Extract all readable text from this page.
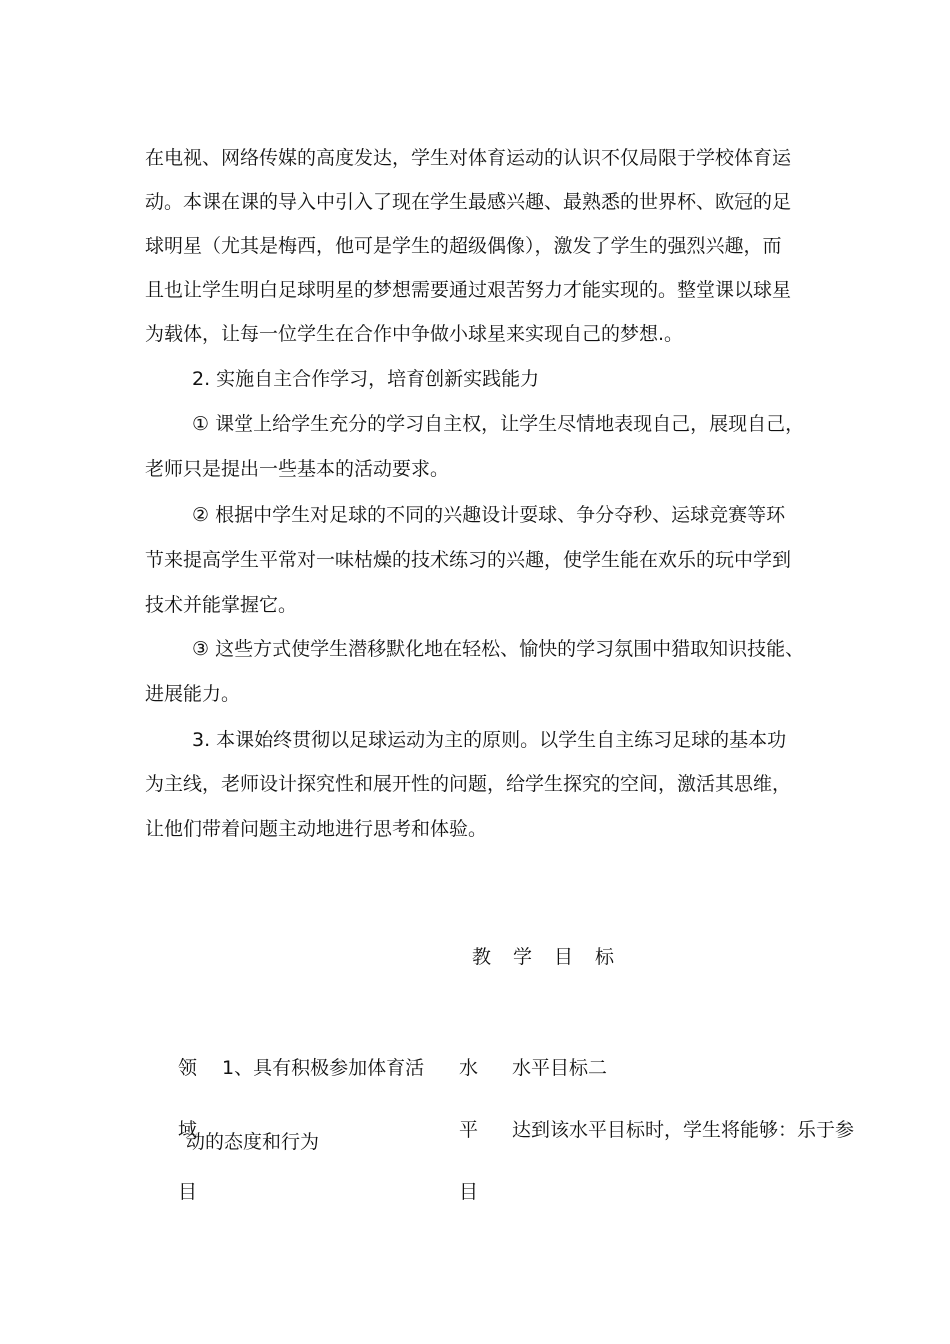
在电视、网络传媒的高度发达，学生对体育运动的认识不仅局限于学校体育运
动。本课在课的导入中引入了现在学生最感兴趣、最熟悉的世界杯、欧冠的足
球明星（尤其是梅西，他可是学生的超级偶像），激发了学生的强烈兴趣，而
且也让学生明白足球明星的梦想需要通过艰苦努力才能实现的。整堂课以球星
为载体，让每一位学生在合作中争做小球星来实现自己的梦想.。
2. 实施自主合作学习，培育创新实践能力
① 课堂上给学生充分的学习自主权，让学生尽情地表现自己，展现自己，
老师只是提出一些基本的活动要求。
② 根据中学生对足球的不同的兴趣设计耍球、争分夺秒、运球竞赛等环
节来提高学生平常对一味枯燥的技术练习的兴趣，使学生能在欢乐的玩中学到
技术并能掌握它。
③ 这些方式使学生潜移默化地在轻松、愉快的学习氛围中猎取知识技能、
进展能力。
3. 本课始终贯彻以足球运动为主的原则。以学生自主练习足球的基本功
为主线，老师设计探究性和展开性的问题，给学生探究的空间，激活其思维，
让他们带着问题主动地进行思考和体验。
教学目标
领
域
目
1、具有积极参加体育活
动的态度和行为
水
平
目
水平目标二
达到该水平目标时，学生将能够：乐于参
